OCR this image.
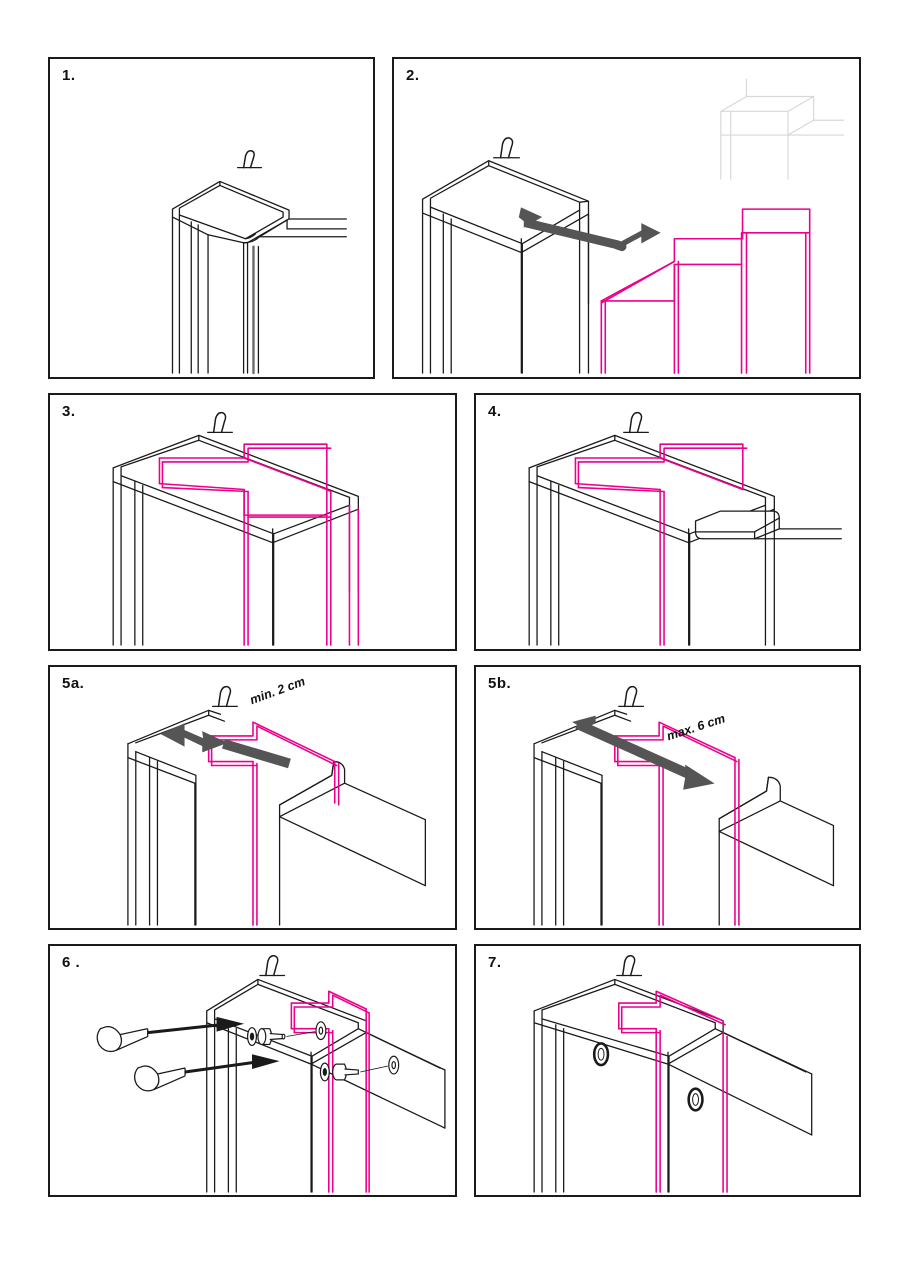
1.	2.
3.	4.
5a.	min. 2 cm	5b.
max. 6 cm
6 .	7.
